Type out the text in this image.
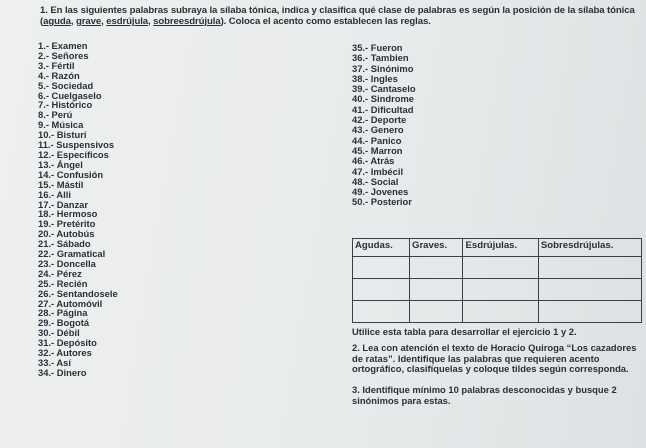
1. En las siguientes palabras subraya la sílaba tónica, indica y clasifica qué clase de palabras es según la posición de la sílaba tónica
(aguda, grave, esdrújula, sobreesdrújula). Coloca el acento como establecen las reglas.
1.- Examen
2.- Señores
3.- Fértil
4.- Razón
5.- Sociedad
6.- Cuelgaselo
7.- Histórico
8.- Perú
9.- Música
10.- Bisturí
11.- Suspensivos
12.- Específicos
13.- Ángel
14.- Confusión
15.- Mástil
16.- Alli
17.- Danzar
18.- Hermoso
19.- Pretérito
20.- Autobús
21.- Sábado
22.- Gramatical
23.- Doncella
24.- Pérez
25.- Recién
26.- Sentandosele
27.- Automóvil
28.- Página
29.- Bogotá
30.- Débil
31.- Depósito
32.- Autores
33.- Así
34.- Dinero
35.- Fueron
36.- Tambien
37.- Sinónimo
38.- Ingles
39.- Cantaselo
40.- Sindrome
41.- Dificultad
42.- Deporte
43.- Genero
44.- Panico
45.- Marron
46.- Atrás
47.- Imbécil
48.- Social
49.- Jovenes
50.- Posterior
Agudas.	Graves.	Esdrújulas.	Sobresdrújulas.

Utilice esta tabla para desarrollar el ejercicio 1 y 2.
2. Lea con atención el texto de Horacio Quiroga “Los cazadores de ratas”. Identifique las palabras que requieren acento ortográfico, clasifíquelas y coloque tildes según corresponda.
3. Identifique mínimo 10 palabras desconocidas y busque 2 sinónimos para estas.
